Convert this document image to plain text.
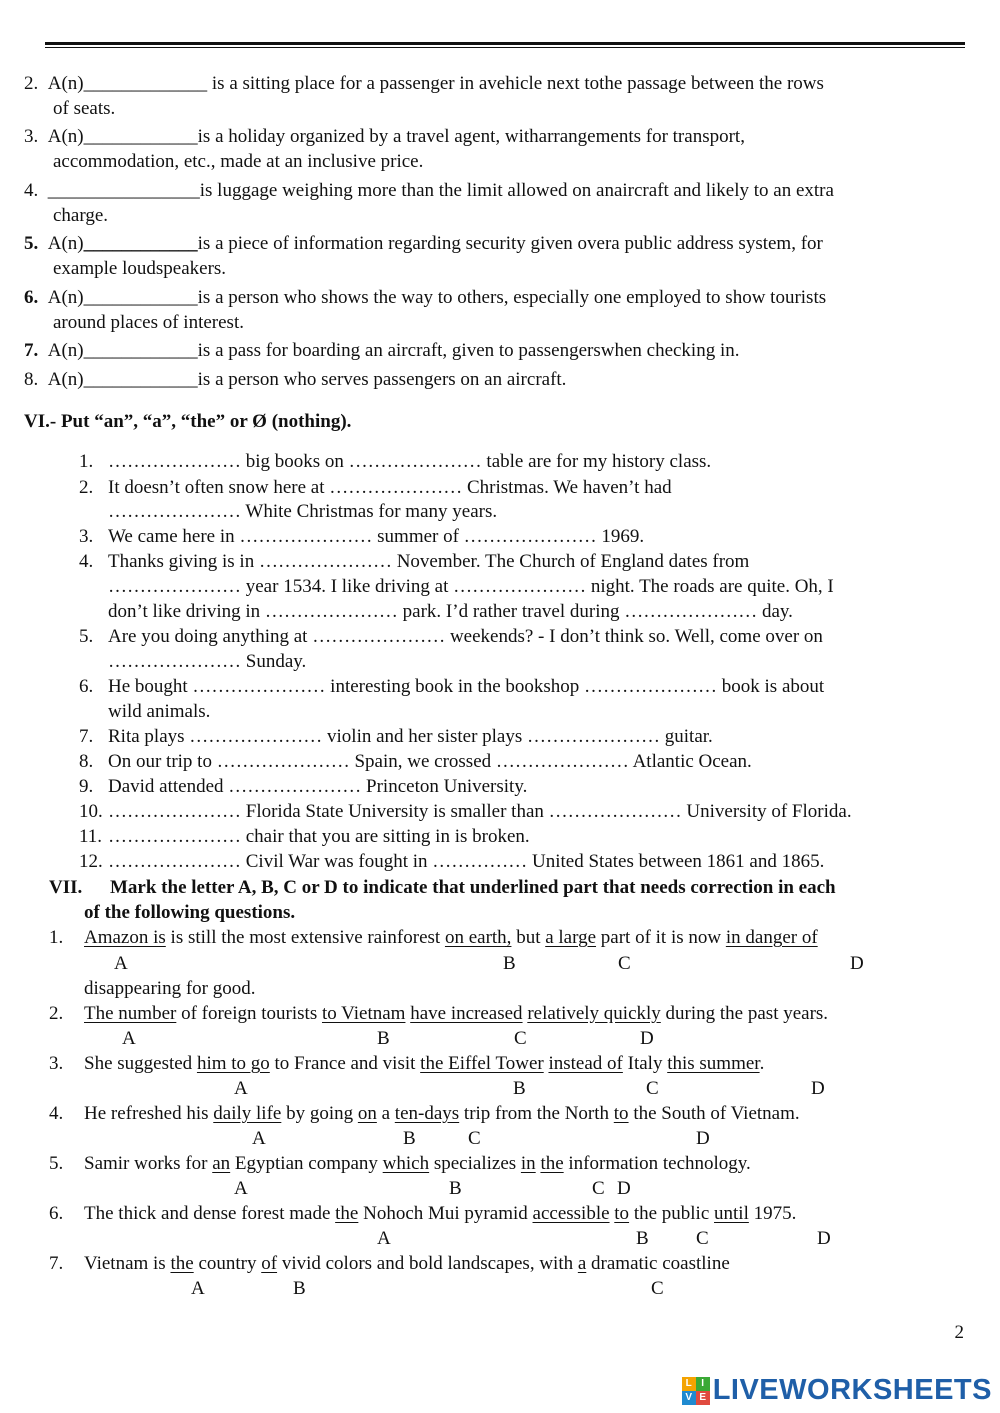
2. A(n)_____________ is a sitting place for a passenger in avehicle next tothe passage between the rows
of seats.
3. A(n)____________is a holiday organized by a travel agent, witharrangements for transport,
accommodation, etc., made at an inclusive price.
4. ________________is luggage weighing more than the limit allowed on anaircraft and likely to an extra
charge.
5. A(n)____________is a piece of information regarding security given overa public address system, for
example loudspeakers.
6. A(n)____________is a person who shows the way to others, especially one employed to show tourists
around places of interest.
7. A(n)____________is a pass for boarding an aircraft, given to passengerswhen checking in.
8. A(n)____________is a person who serves passengers on an aircraft.
VI.- Put “an”, “a”, “the” or Ø (nothing).
1. ………………… big books on ………………… table are for my history class.
2. It doesn’t often snow here at ………………… Christmas. We haven’t had
………………… White Christmas for many years.
3. We came here in ………………… summer of ………………… 1969.
4. Thanks giving is in ………………… November. The Church of England dates from
………………… year 1534. I like driving at ………………… night. The roads are quite. Oh, I
don’t like driving in ………………… park. I’d rather travel during ………………… day.
5. Are you doing anything at ………………… weekends? - I don’t think so. Well, come over on
………………… Sunday.
6. He bought ………………… interesting book in the bookshop ………………… book is about
wild animals.
7. Rita plays ………………… violin and her sister plays ………………… guitar.
8. On our trip to ………………… Spain, we crossed ………………… Atlantic Ocean.
9. David attended ………………… Princeton University.
10. ………………… Florida State University is smaller than ………………… University of Florida.
11. ………………… chair that you are sitting in is broken.
12. ………………… Civil War was fought in …………… United States between 1861 and 1865.
VII. Mark the letter A, B, C or D to indicate that underlined part that needs correction in each
of the following questions.
1. Amazon is is still the most extensive rainforest on earth, but a large part of it is now in danger of
A	B	C	D
disappearing for good.
2. The number of foreign tourists to Vietnam have increased relatively quickly during the past years.
A	B	C	D
3. She suggested him to go to France and visit the Eiffel Tower instead of Italy this summer.
A	B	C	D
4. He refreshed his daily life by going on a ten-days trip from the North to the South of Vietnam.
A	B	C	D
5. Samir works for an Egyptian company which specializes in the information technology.
A	B	C D
6. The thick and dense forest made the Nohoch Mui pyramid accessible to the public until 1975.
A	B C	D
7. Vietnam is the country of vivid colors and bold landscapes, with a dramatic coastline
A	B	C
2
L I
V E LIVEWORKSHEETS
